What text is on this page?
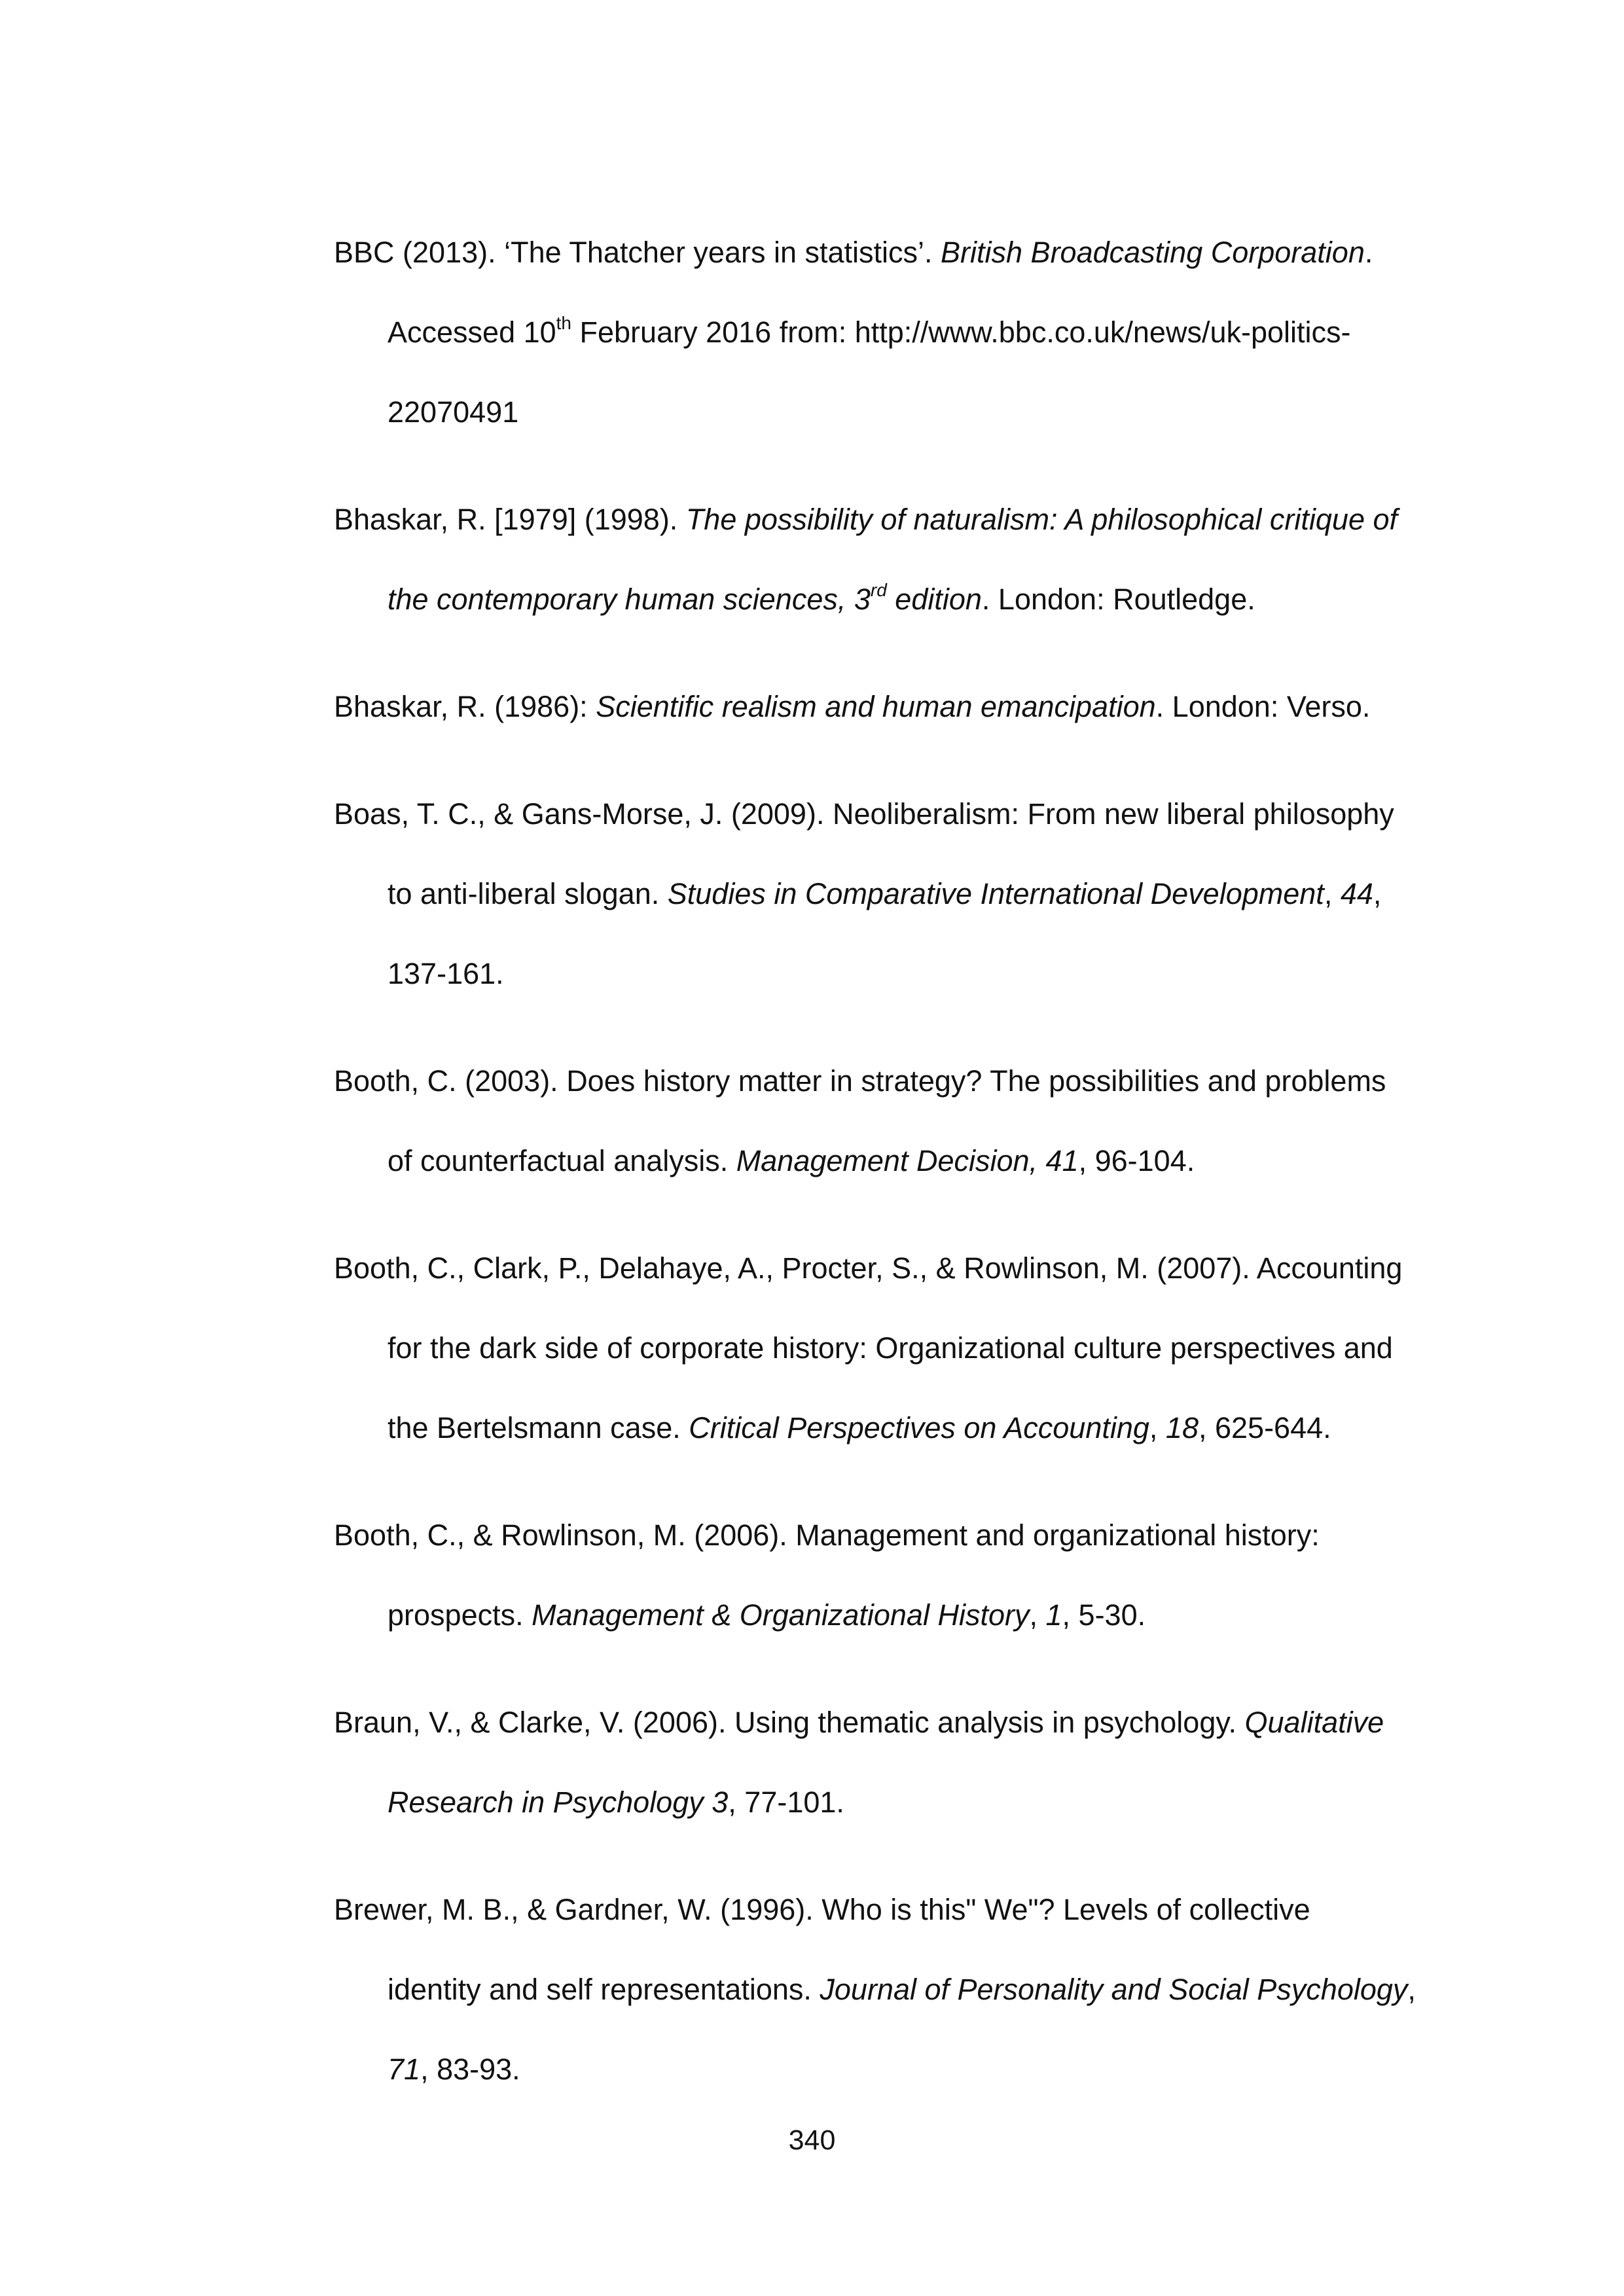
BBC (2013). ‘The Thatcher years in statistics’. British Broadcasting Corporation.
Accessed 10th February 2016 from: http://www.bbc.co.uk/news/uk-politics-
22070491
Bhaskar, R. [1979] (1998). The possibility of naturalism: A philosophical critique of
the contemporary human sciences, 3rd edition. London: Routledge.
Bhaskar, R. (1986): Scientific realism and human emancipation. London: Verso.
Boas, T. C., & Gans-Morse, J. (2009). Neoliberalism: From new liberal philosophy
to anti-liberal slogan. Studies in Comparative International Development, 44,
137-161.
Booth, C. (2003). Does history matter in strategy? The possibilities and problems
of counterfactual analysis. Management Decision, 41, 96-104.
Booth, C., Clark, P., Delahaye, A., Procter, S., & Rowlinson, M. (2007). Accounting
for the dark side of corporate history: Organizational culture perspectives and
the Bertelsmann case. Critical Perspectives on Accounting, 18, 625-644.
Booth, C., & Rowlinson, M. (2006). Management and organizational history:
prospects. Management & Organizational History, 1, 5-30.
Braun, V., & Clarke, V. (2006). Using thematic analysis in psychology. Qualitative
Research in Psychology 3, 77-101.
Brewer, M. B., & Gardner, W. (1996). Who is this" We"? Levels of collective
identity and self representations. Journal of Personality and Social Psychology,
71, 83-93.
340
